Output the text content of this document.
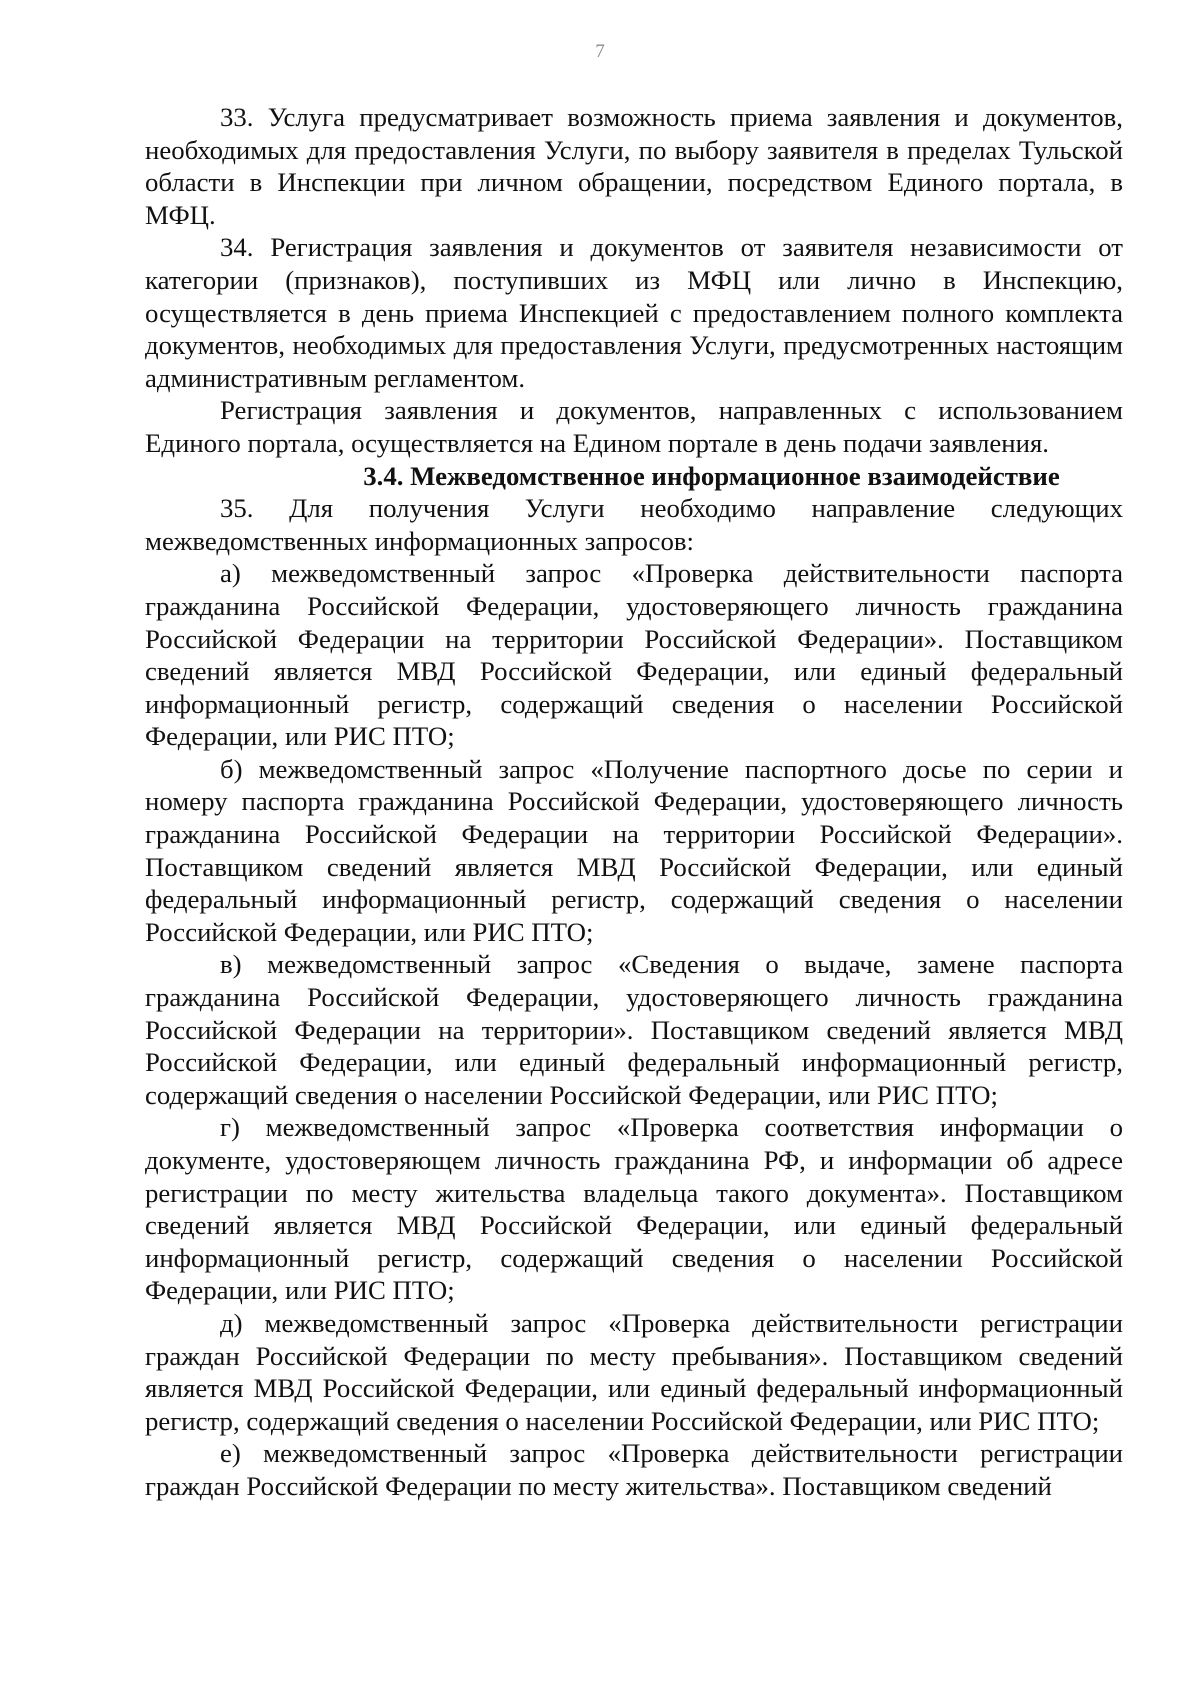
7

33. Услуга предусматривает возможность приема заявления и документов, необходимых для предоставления Услуги, по выбору заявителя в пределах Тульской области в Инспекции при личном обращении, посредством Единого портала, в МФЦ.

34. Регистрация заявления и документов от заявителя независимости от категории (признаков), поступивших из МФЦ или лично в Инспекцию, осуществляется в день приема Инспекцией с предоставлением полного комплекта документов, необходимых для предоставления Услуги, предусмотренных настоящим административным регламентом.

Регистрация заявления и документов, направленных с использованием Единого портала, осуществляется на Едином портале в день подачи заявления.

3.4. Межведомственное информационное взаимодействие

35. Для получения Услуги необходимо направление следующих межведомственных информационных запросов:

а) межведомственный запрос «Проверка действительности паспорта гражданина Российской Федерации, удостоверяющего личность гражданина Российской Федерации на территории Российской Федерации». Поставщиком сведений является МВД Российской Федерации, или единый федеральный информационный регистр, содержащий сведения о населении Российской Федерации, или РИС ПТО;

б) межведомственный запрос «Получение паспортного досье по серии и номеру паспорта гражданина Российской Федерации, удостоверяющего личность гражданина Российской Федерации на территории Российской Федерации». Поставщиком сведений является МВД Российской Федерации, или единый федеральный информационный регистр, содержащий сведения о населении Российской Федерации, или РИС ПТО;

в) межведомственный запрос «Сведения о выдаче, замене паспорта гражданина Российской Федерации, удостоверяющего личность гражданина Российской Федерации на территории». Поставщиком сведений является МВД Российской Федерации, или единый федеральный информационный регистр, содержащий сведения о населении Российской Федерации, или РИС ПТО;

г) межведомственный запрос «Проверка соответствия информации о документе, удостоверяющем личность гражданина РФ, и информации об адресе регистрации по месту жительства владельца такого документа». Поставщиком сведений является МВД Российской Федерации, или единый федеральный информационный регистр, содержащий сведения о населении Российской Федерации, или РИС ПТО;

д) межведомственный запрос «Проверка действительности регистрации граждан Российской Федерации по месту пребывания». Поставщиком сведений является МВД Российской Федерации, или единый федеральный информационный регистр, содержащий сведения о населении Российской Федерации, или РИС ПТО;

е) межведомственный запрос «Проверка действительности регистрации граждан Российской Федерации по месту жительства». Поставщиком сведений
